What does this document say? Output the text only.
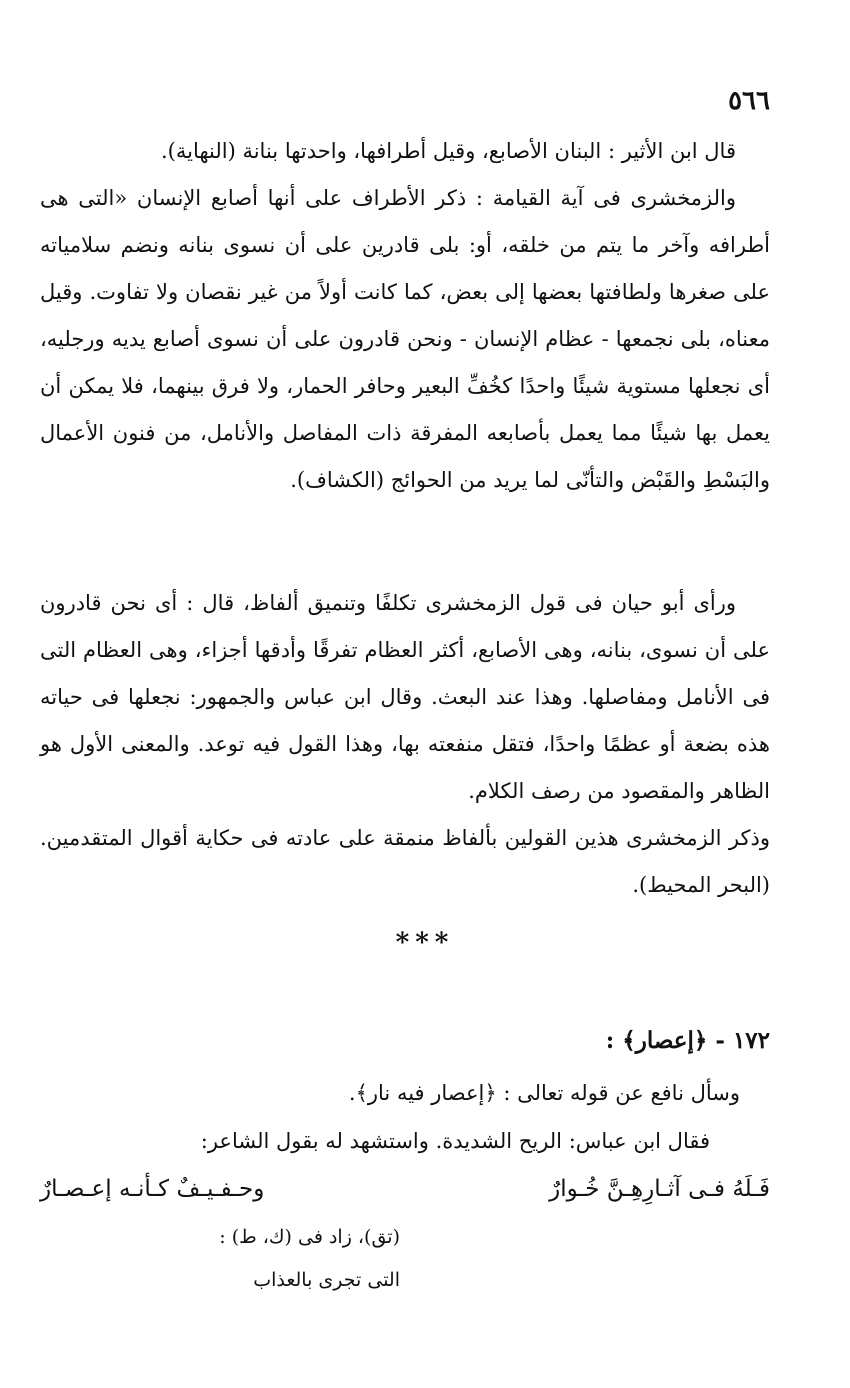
٥٦٦

قال ابن الأثير : البنان الأصابع، وقيل أطرافها، واحدتها بنانة (النهاية).

والزمخشرى فى آية القيامة : ذكر الأطراف على أنها أصابع الإنسان «التى هى أطرافه وآخر ما يتم من خلقه، أو: بلى قادرين على أن نسوى بنانه ونضم سلامياته على صغرها ولطافتها بعضها إلى بعض، كما كانت أولاً من غير نقصان ولا تفاوت. وقيل معناه، بلى نجمعها - عظام الإنسان - ونحن قادرون على أن نسوى أصابع يديه ورجليه، أى نجعلها مستوية شيئًا واحدًا كخُفِّ البعير وحافر الحمار، ولا فرق بينهما، فلا يمكن أن يعمل بها شيئًا مما يعمل بأصابعه المفرقة ذات المفاصل والأنامل، من فنون الأعمال والبَسْطِ والقَبْض والتأنّى لما يريد من الحوائج (الكشاف).

ورأى أبو حيان فى قول الزمخشرى تكلفًا وتنميق ألفاظ، قال : أى نحن قادرون على أن نسوى، بنانه، وهى الأصابع، أكثر العظام تفرقًا وأدقها أجزاء، وهى العظام التى فى الأنامل ومفاصلها. وهذا عند البعث. وقال ابن عباس والجمهور: نجعلها فى حياته هذه بضعة أو عظمًا واحدًا، فتقل منفعته بها، وهذا القول فيه توعد. والمعنى الأول هو الظاهر والمقصود من رصف الكلام.

وذكر الزمخشرى هذين القولين بألفاظ منمقة على عادته فى حكاية أقوال المتقدمين. (البحر المحيط).

***
١٧٢ - ﴿إعصار﴾ :
وسأل نافع عن قوله تعالى : ﴿إعصار فيه نار﴾.
فقال ابن عباس: الريح الشديدة. واستشهد له بقول الشاعر:
فَـلَهُ فـى آثـارِهِـنَّ خُـوارٌ
وحـفـيـفٌ كـأنـه إعـصـارٌ
(تق)، زاد فى (ك، ط) :
التى تجرى بالعذاب
